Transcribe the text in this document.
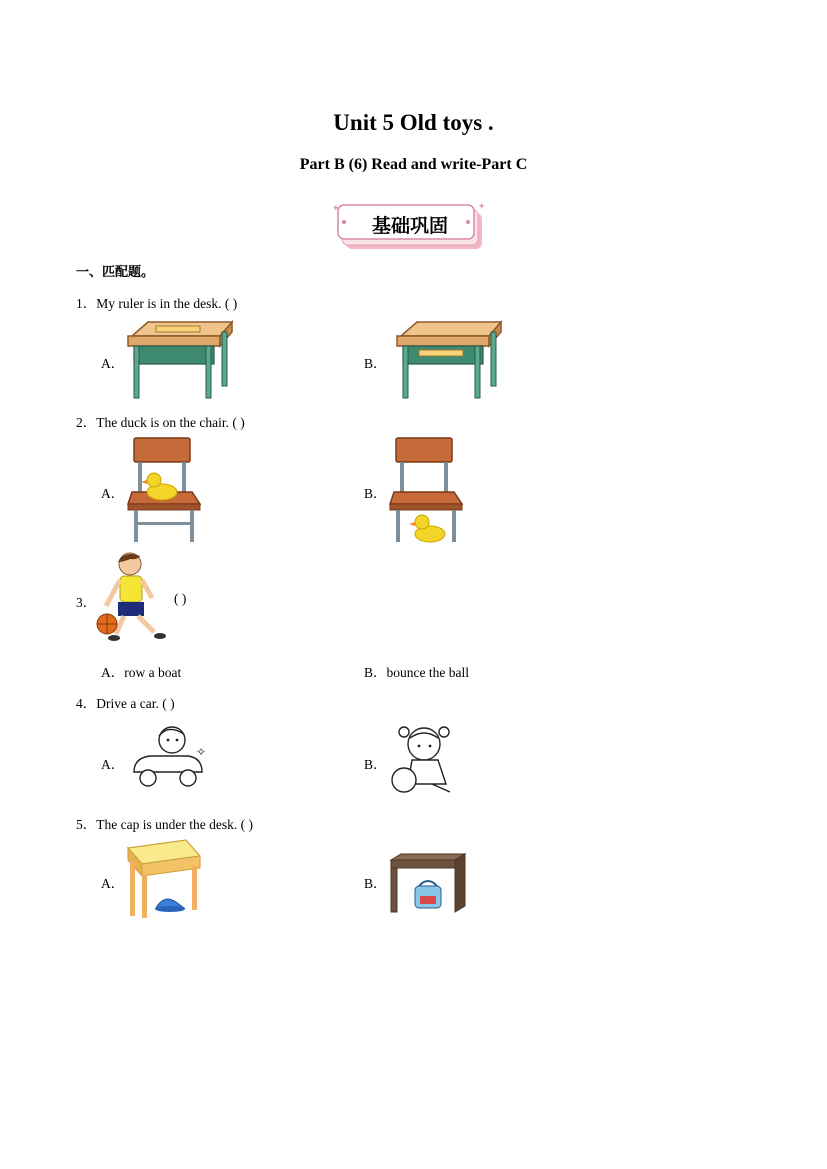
Unit 5 Old toys .
Part B (6) Read and write-Part C
✦
✦
基础巩固
一、匹配题。
1．My ruler is in the desk. ( )
A．	B．
2．The duck is on the chair. ( )
A．	B．
3．	( )
A．row a boat	B．bounce the ball
4．Drive a car. ( )
A．
✧
B．
5．The cap is under the desk. ( )
A．	B．
